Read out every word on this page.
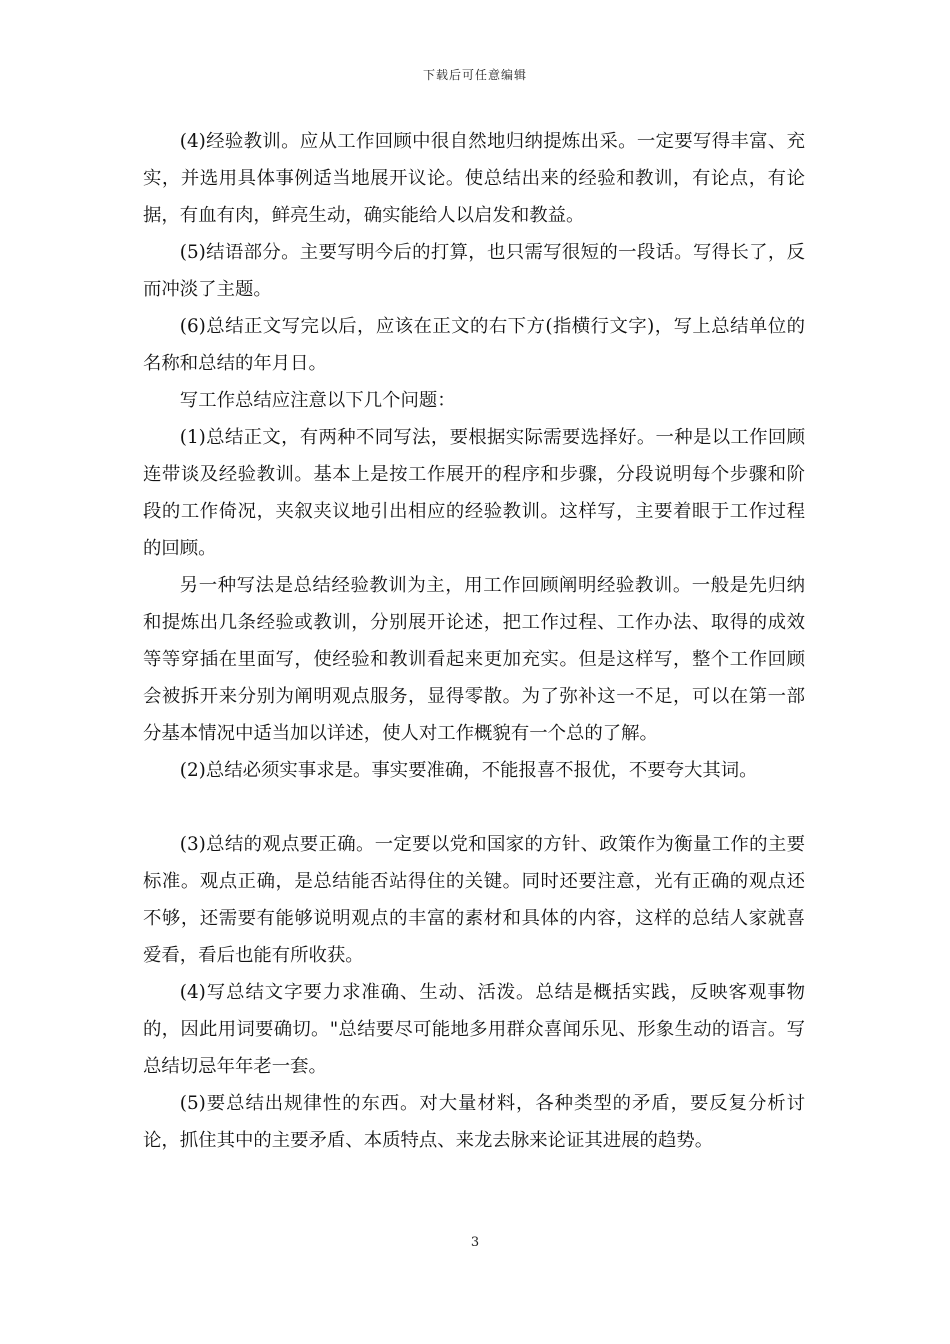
下载后可任意编辑

(4)经验教训。应从工作回顾中很自然地归纳提炼出采。一定要写得丰富、充实，并选用具体事例适当地展开议论。使总结出来的经验和教训，有论点，有论据，有血有肉，鲜亮生动，确实能给人以启发和教益。

(5)结语部分。主要写明今后的打算，也只需写很短的一段话。写得长了，反而冲淡了主题。

(6)总结正文写完以后，应该在正文的右下方(指横行文字)，写上总结单位的名称和总结的年月日。

写工作总结应注意以下几个问题：

(1)总结正文，有两种不同写法，要根据实际需要选择好。一种是以工作回顾连带谈及经验教训。基本上是按工作展开的程序和步骤，分段说明每个步骤和阶段的工作倚况，夹叙夹议地引出相应的经验教训。这样写，主要着眼于工作过程的回顾。

另一种写法是总结经验教训为主，用工作回顾阐明经验教训。一般是先归纳和提炼出几条经验或教训，分别展开论述，把工作过程、工作办法、取得的成效等等穿插在里面写，使经验和教训看起来更加充实。但是这样写，整个工作回顾会被拆开来分别为阐明观点服务，显得零散。为了弥补这一不足，可以在第一部分基本情况中适当加以详述，使人对工作概貌有一个总的了解。

(2)总结必须实事求是。事实要准确，不能报喜不报优，不要夸大其词。

(3)总结的观点要正确。一定要以党和国家的方针、政策作为衡量工作的主要标准。观点正确，是总结能否站得住的关键。同时还要注意，光有正确的观点还不够，还需要有能够说明观点的丰富的素材和具体的内容，这样的总结人家就喜爱看，看后也能有所收获。

(4)写总结文字要力求准确、生动、活泼。总结是概括实践，反映客观事物的，因此用词要确切。"总结要尽可能地多用群众喜闻乐见、形象生动的语言。写总结切忌年年老一套。

(5)要总结出规律性的东西。对大量材料，各种类型的矛盾，要反复分析讨论，抓住其中的主要矛盾、本质特点、来龙去脉来论证其进展的趋势。

3
